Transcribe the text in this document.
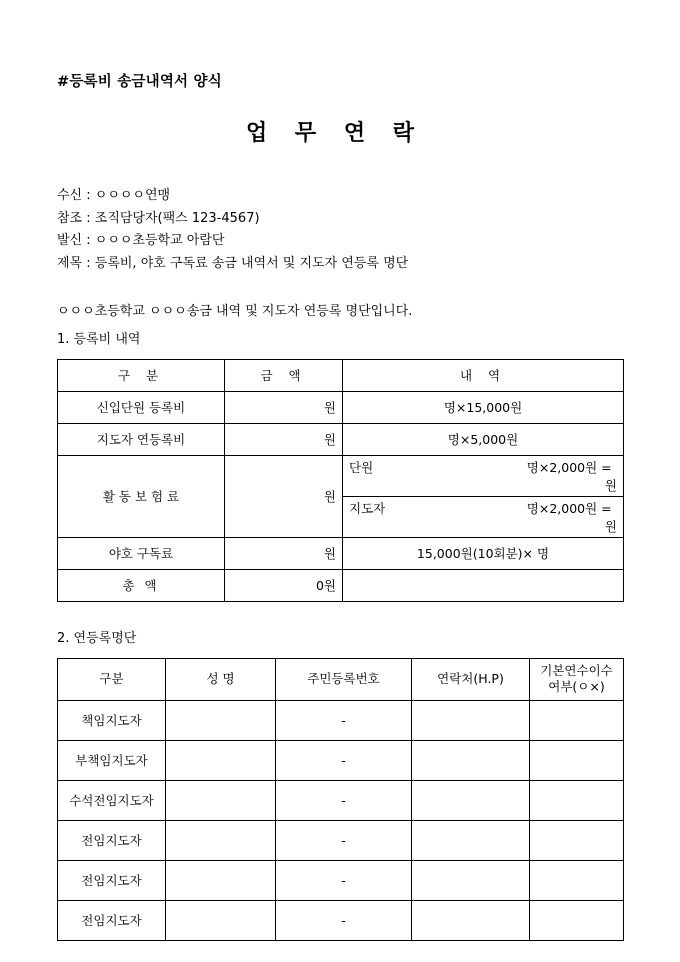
#등록비 송금내역서 양식
업 무 연 락
수신 : ㅇㅇㅇㅇ연맹
참조 : 조직담당자(팩스 123-4567)
발신 : ㅇㅇㅇ초등학교 아람단
제목 : 등록비, 야호 구독료 송금 내역서 및 지도자 연등록 명단
ㅇㅇㅇ초등학교 ㅇㅇㅇ송금 내역 및 지도자 연등록 명단입니다.
1. 등록비 내역
구 분	금 액	내 역
신입단원 등록비	원	명×15,000원
지도자 연등록비	원	명×5,000원
활 동 보 험 료	원	단원 명×2,000원 =
원

		지도자 명×2,000원 =
원

야호 구독료	원	15,000원(10회분)× 명
총 액	0원	
2. 연등록명단
구분	성 명	주민등록번호	연락처(H.P)	기본연수이수
여부(ㅇ×)

책임지도자		-		
부책임지도자		-		
수석전임지도자		-		
전임지도자		-		
전임지도자		-		
전임지도자		-		
